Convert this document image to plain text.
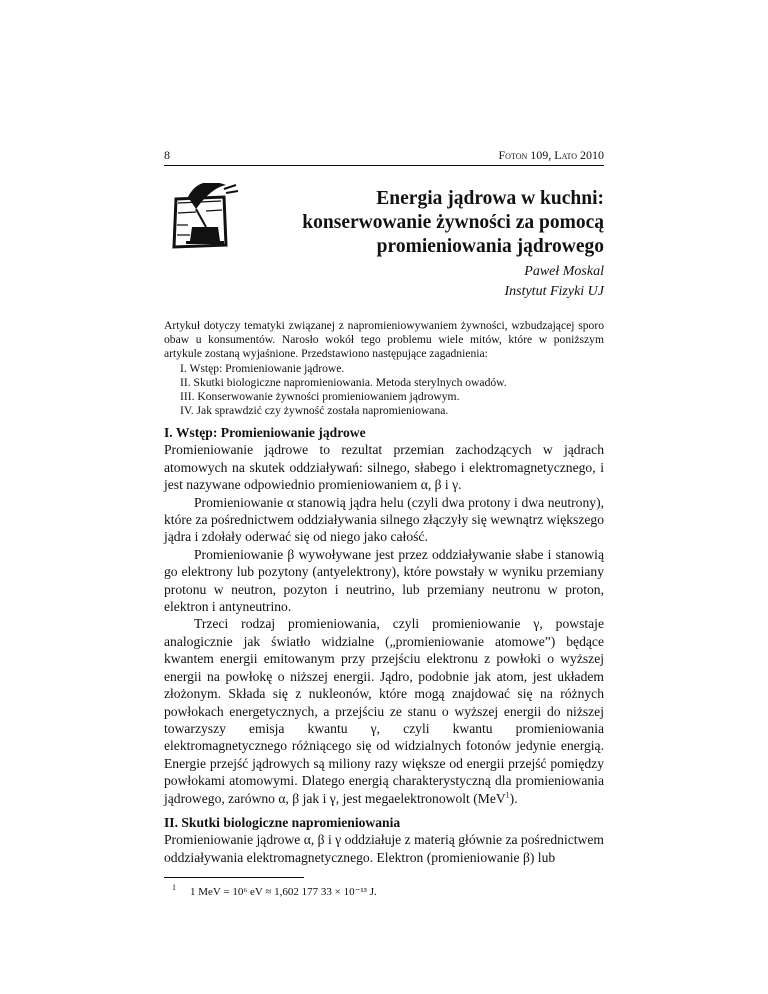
8	Foton 109, Lato 2010
Energia jądrowa w kuchni:
konserwowanie żywności za pomocą
promieniowania jądrowego
Paweł Moskal
Instytut Fizyki UJ

Artykuł dotyczy tematyki związanej z napromieniowywaniem żywności, wzbudzającej sporo obaw u konsumentów. Narosło wokół tego problemu wiele mitów, które w poniższym artykule zostaną wyjaśnione. Przedstawiono następujące zagadnienia:

I. Wstęp: Promieniowanie jądrowe.
II. Skutki biologiczne napromieniowania. Metoda sterylnych owadów.
III. Konserwowanie żywności promieniowaniem jądrowym.
IV. Jak sprawdzić czy żywność została napromieniowana.
I. Wstęp: Promieniowanie jądrowe

Promieniowanie jądrowe to rezultat przemian zachodzących w jądrach atomowych na skutek oddziaływań: silnego, słabego i elektromagnetycznego, i jest nazywane odpowiednio promieniowaniem α, β i γ.

Promieniowanie α stanowią jądra helu (czyli dwa protony i dwa neutrony), które za pośrednictwem oddziaływania silnego złączyły się wewnątrz większego jądra i zdołały oderwać się od niego jako całość.

Promieniowanie β wywoływane jest przez oddziaływanie słabe i stanowią go elektrony lub pozytony (antyelektrony), które powstały w wyniku przemiany protonu w neutron, pozyton i neutrino, lub przemiany neutronu w proton, elektron i antyneutrino.

Trzeci rodzaj promieniowania, czyli promieniowanie γ, powstaje analogicznie jak światło widzialne („promieniowanie atomowe”) będące kwantem energii emitowanym przy przejściu elektronu z powłoki o wyższej energii na powłokę o niższej energii. Jądro, podobnie jak atom, jest układem złożonym. Składa się z nukleonów, które mogą znajdować się na różnych powłokach energetycznych, a przejściu ze stanu o wyższej energii do niższej towarzyszy emisja kwantu γ, czyli kwantu promieniowania elektromagnetycznego różniącego się od widzialnych fotonów jedynie energią. Energie przejść jądrowych są miliony razy większe od energii przejść pomiędzy powłokami atomowymi. Dlatego energią charakterystyczną dla promieniowania jądrowego, zarówno α, β jak i γ, jest megaelektronowolt (MeV$^1$).

II. Skutki biologiczne napromieniowania

Promieniowanie jądrowe α, β i γ oddziałuje z materią głównie za pośrednictwem oddziaływania elektromagnetycznego. Elektron (promieniowanie β) lub

$^1$ 1 MeV = 10⁶ eV ≈ 1,602 177 33 × 10⁻¹³ J.
